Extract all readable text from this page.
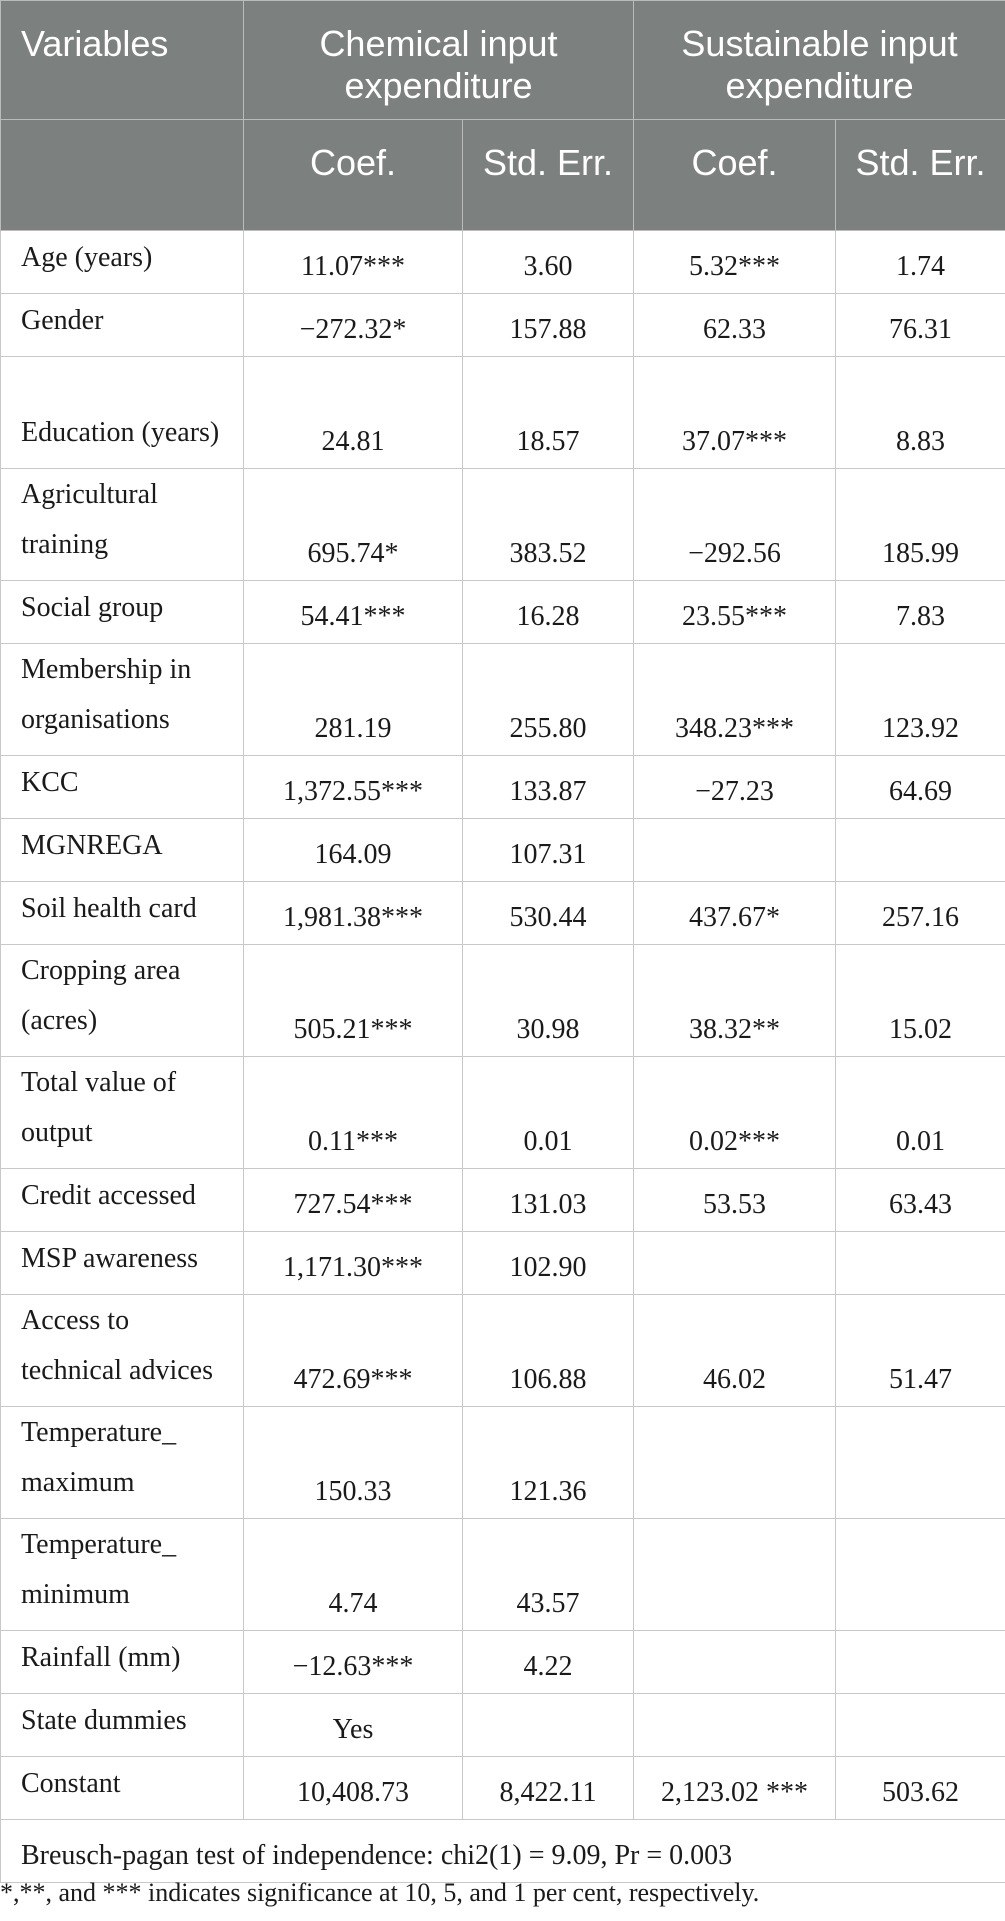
Variables	Chemical input expenditure		Sustainable input expenditure	
	Coef.	Std. Err.	Coef.	Std. Err.
Age (years)	11.07***	3.60	5.32***	1.74
Gender	−272.32*	157.88	62.33	76.31
Education (years)	24.81	18.57	37.07***	8.83
Agricultural training	695.74*	383.52	−292.56	185.99
Social group	54.41***	16.28	23.55***	7.83
Membership in organisations	281.19	255.80	348.23***	123.92
KCC	1,372.55***	133.87	−27.23	64.69
MGNREGA	164.09	107.31		
Soil health card	1,981.38***	530.44	437.67*	257.16
Cropping area (acres)	505.21***	30.98	38.32**	15.02
Total value of output	0.11***	0.01	0.02***	0.01
Credit accessed	727.54***	131.03	53.53	63.43
MSP awareness	1,171.30***	102.90		
Access to technical advices	472.69***	106.88	46.02	51.47
Temperature_ maximum	150.33	121.36		
Temperature_ minimum	4.74	43.57		
Rainfall (mm)	−12.63***	4.22		
State dummies	Yes			
Constant	10,408.73	8,422.11	2,123.02 ***	503.62
Breusch-pagan test of independence: chi2(1) = 9.09, Pr = 0.003				
*,**, and *** indicates significance at 10, 5, and 1 per cent, respectively.
